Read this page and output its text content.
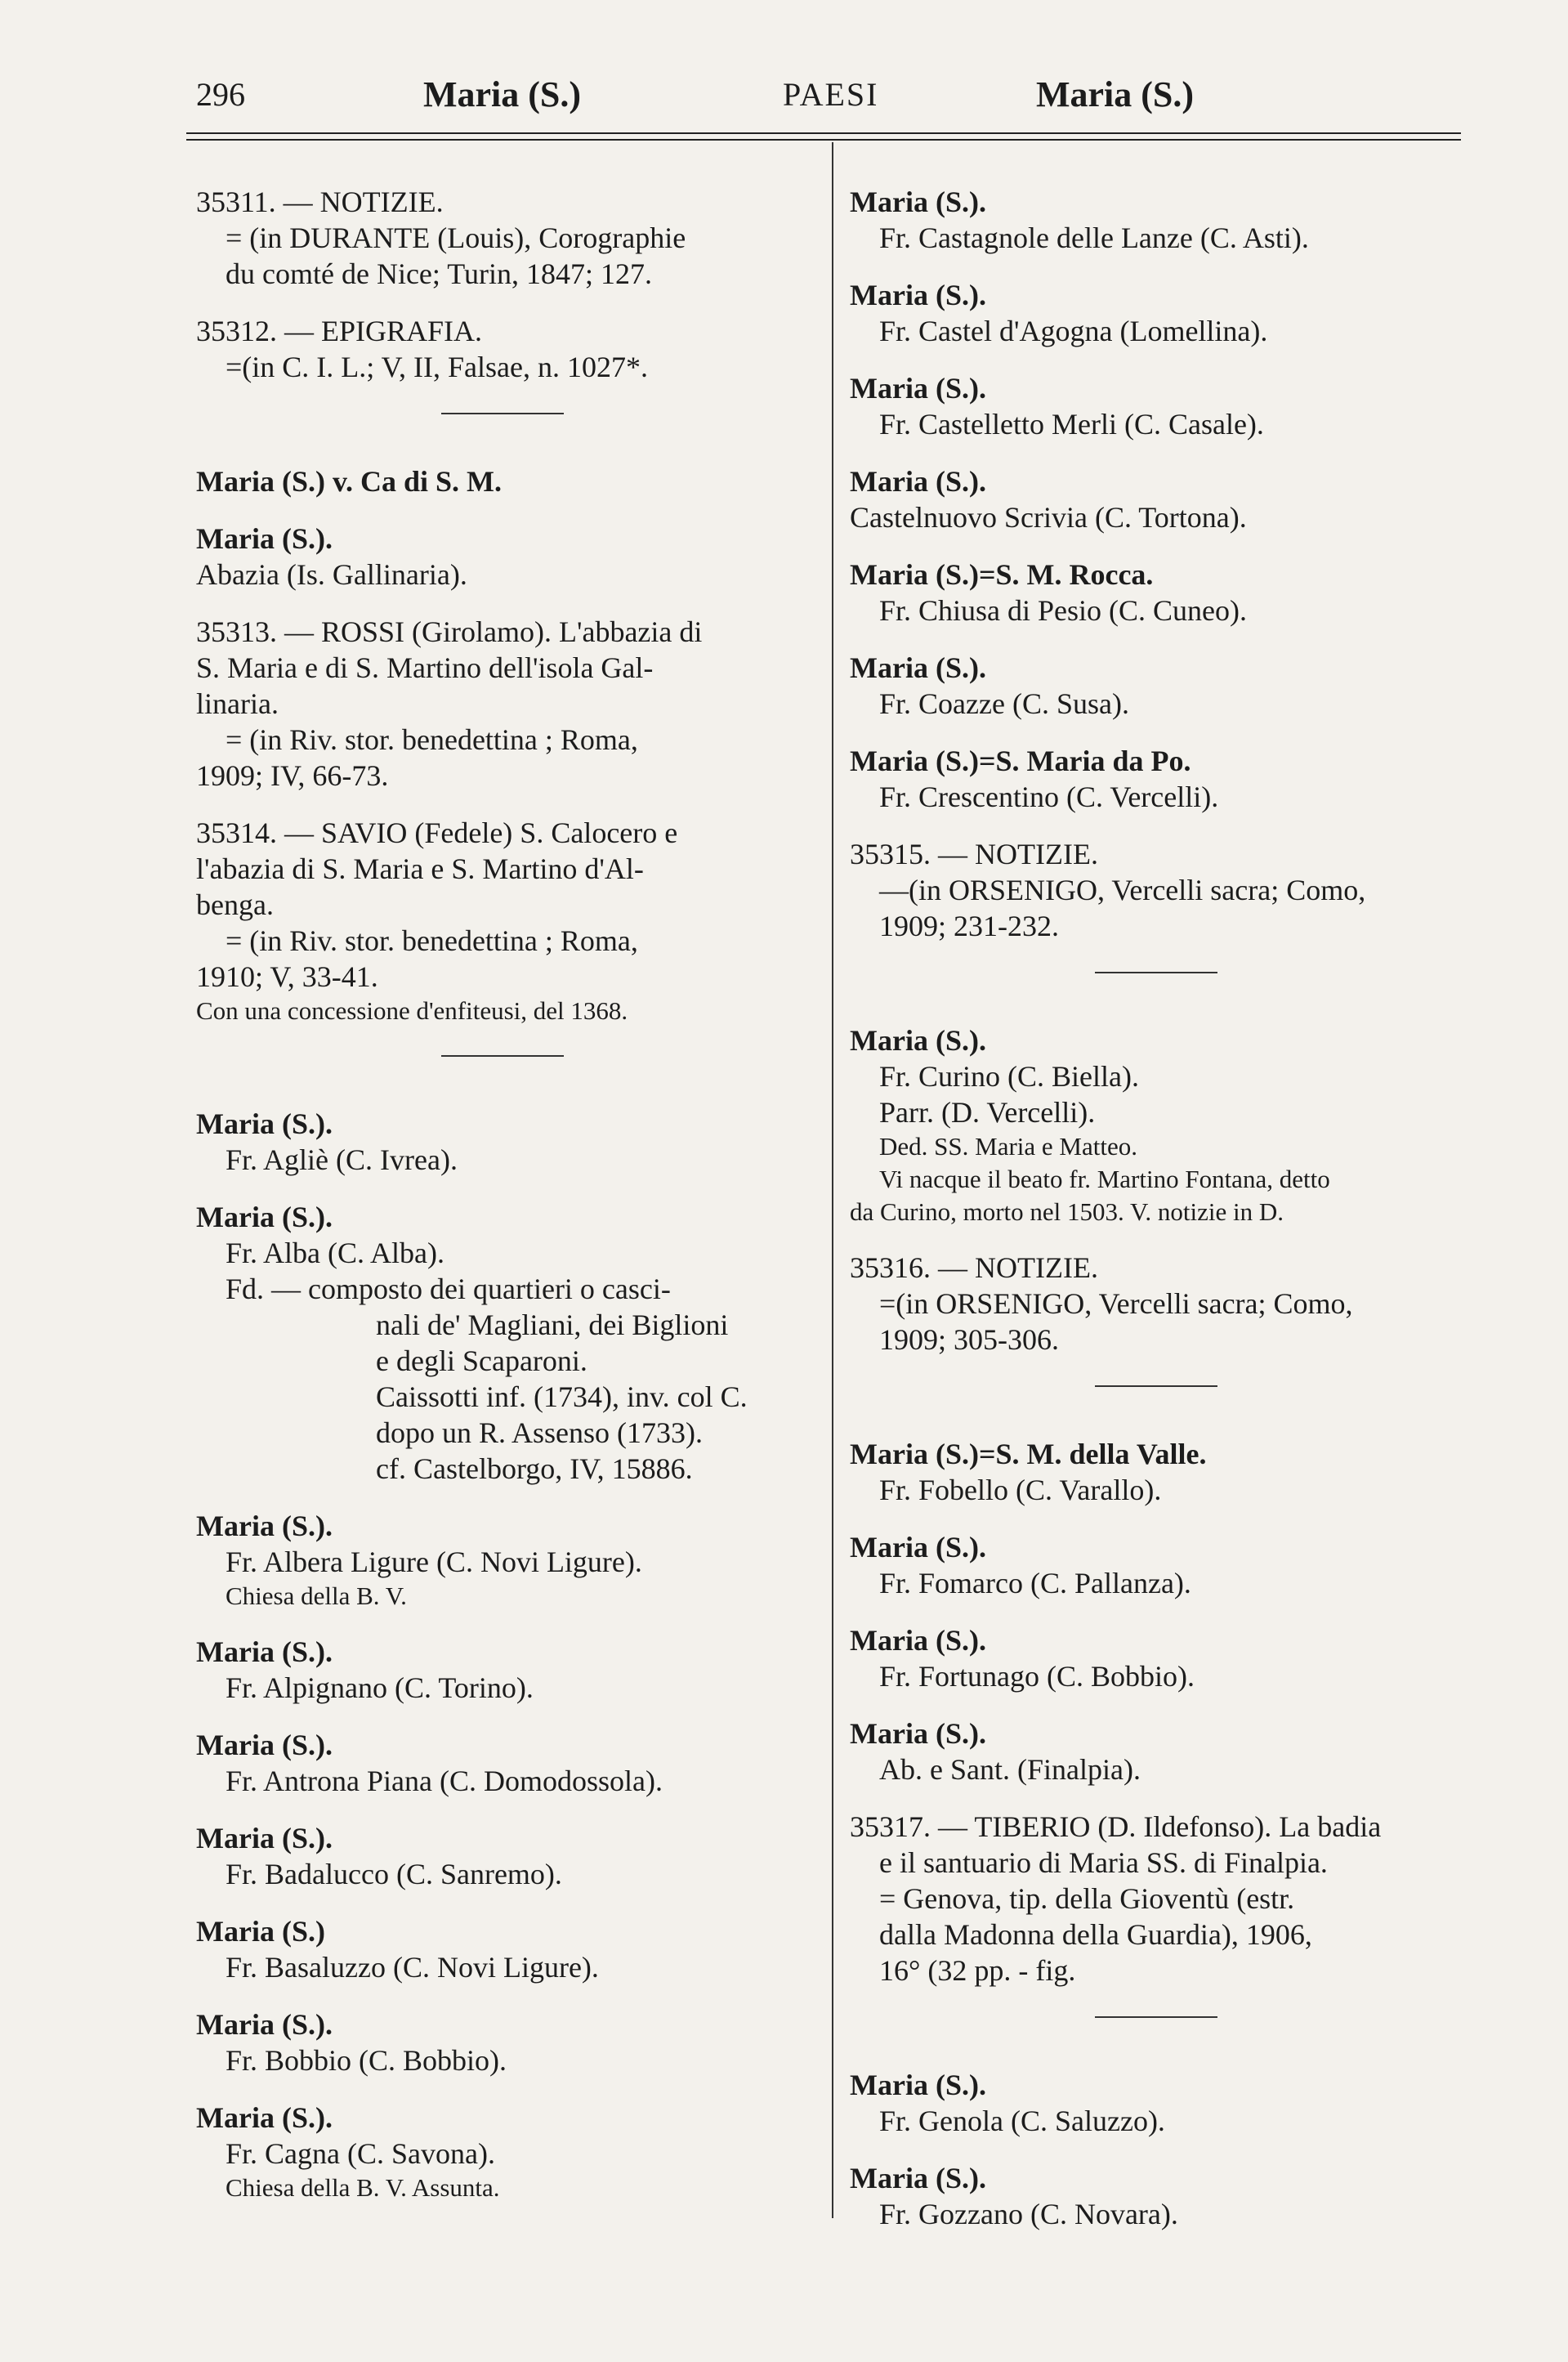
296	Maria (S.)	PAESI	Maria (S.)
35311. — NOTIZIE.
= (in DURANTE (Louis), Corographie
du comté de Nice; Turin, 1847; 127.
35312. — EPIGRAFIA.
=(in C. I. L.; V, II, Falsae, n. 1027*.
Maria (S.) v. Ca di S. M.
Maria (S.).
Abazia (Is. Gallinaria).
35313. — ROSSI (Girolamo). L'abbazia di
S. Maria e di S. Martino dell'isola Gal-
linaria.
= (in Riv. stor. benedettina ; Roma,
1909; IV, 66-73.
35314. — SAVIO (Fedele) S. Calocero e
l'abazia di S. Maria e S. Martino d'Al-
benga.
= (in Riv. stor. benedettina ; Roma,
1910; V, 33-41.
Con una concessione d'enfiteusi, del 1368.
Maria (S.).
Fr. Agliè (C. Ivrea).
Maria (S.).
Fr. Alba (C. Alba).
Fd. — composto dei quartieri o casci-
nali de' Magliani, dei Biglioni
e degli Scaparoni.
Caissotti inf. (1734), inv. col C.
dopo un R. Assenso (1733).
cf. Castelborgo, IV, 15886.
Maria (S.).
Fr. Albera Ligure (C. Novi Ligure).
Chiesa della B. V.
Maria (S.).
Fr. Alpignano (C. Torino).
Maria (S.).
Fr. Antrona Piana (C. Domodossola).
Maria (S.).
Fr. Badalucco (C. Sanremo).
Maria (S.)
Fr. Basaluzzo (C. Novi Ligure).
Maria (S.).
Fr. Bobbio (C. Bobbio).
Maria (S.).
Fr. Cagna (C. Savona).
Chiesa della B. V. Assunta.
Maria (S.).
Fr. Castagnole delle Lanze (C. Asti).
Maria (S.).
Fr. Castel d'Agogna (Lomellina).
Maria (S.).
Fr. Castelletto Merli (C. Casale).
Maria (S.).
Castelnuovo Scrivia (C. Tortona).
Maria (S.)=S. M. Rocca.
Fr. Chiusa di Pesio (C. Cuneo).
Maria (S.).
Fr. Coazze (C. Susa).
Maria (S.)=S. Maria da Po.
Fr. Crescentino (C. Vercelli).
35315. — NOTIZIE.
—(in ORSENIGO, Vercelli sacra; Como,
1909; 231-232.
Maria (S.).
Fr. Curino (C. Biella).
Parr. (D. Vercelli).
Ded. SS. Maria e Matteo.
Vi nacque il beato fr. Martino Fontana, detto
da Curino, morto nel 1503. V. notizie in D.
35316. — NOTIZIE.
=(in ORSENIGO, Vercelli sacra; Como,
1909; 305-306.
Maria (S.)=S. M. della Valle.
Fr. Fobello (C. Varallo).
Maria (S.).
Fr. Fomarco (C. Pallanza).
Maria (S.).
Fr. Fortunago (C. Bobbio).
Maria (S.).
Ab. e Sant. (Finalpia).
35317. — TIBERIO (D. Ildefonso). La badia
e il santuario di Maria SS. di Finalpia.
= Genova, tip. della Gioventù (estr.
dalla Madonna della Guardia), 1906,
16° (32 pp. - fig.
Maria (S.).
Fr. Genola (C. Saluzzo).
Maria (S.).
Fr. Gozzano (C. Novara).
